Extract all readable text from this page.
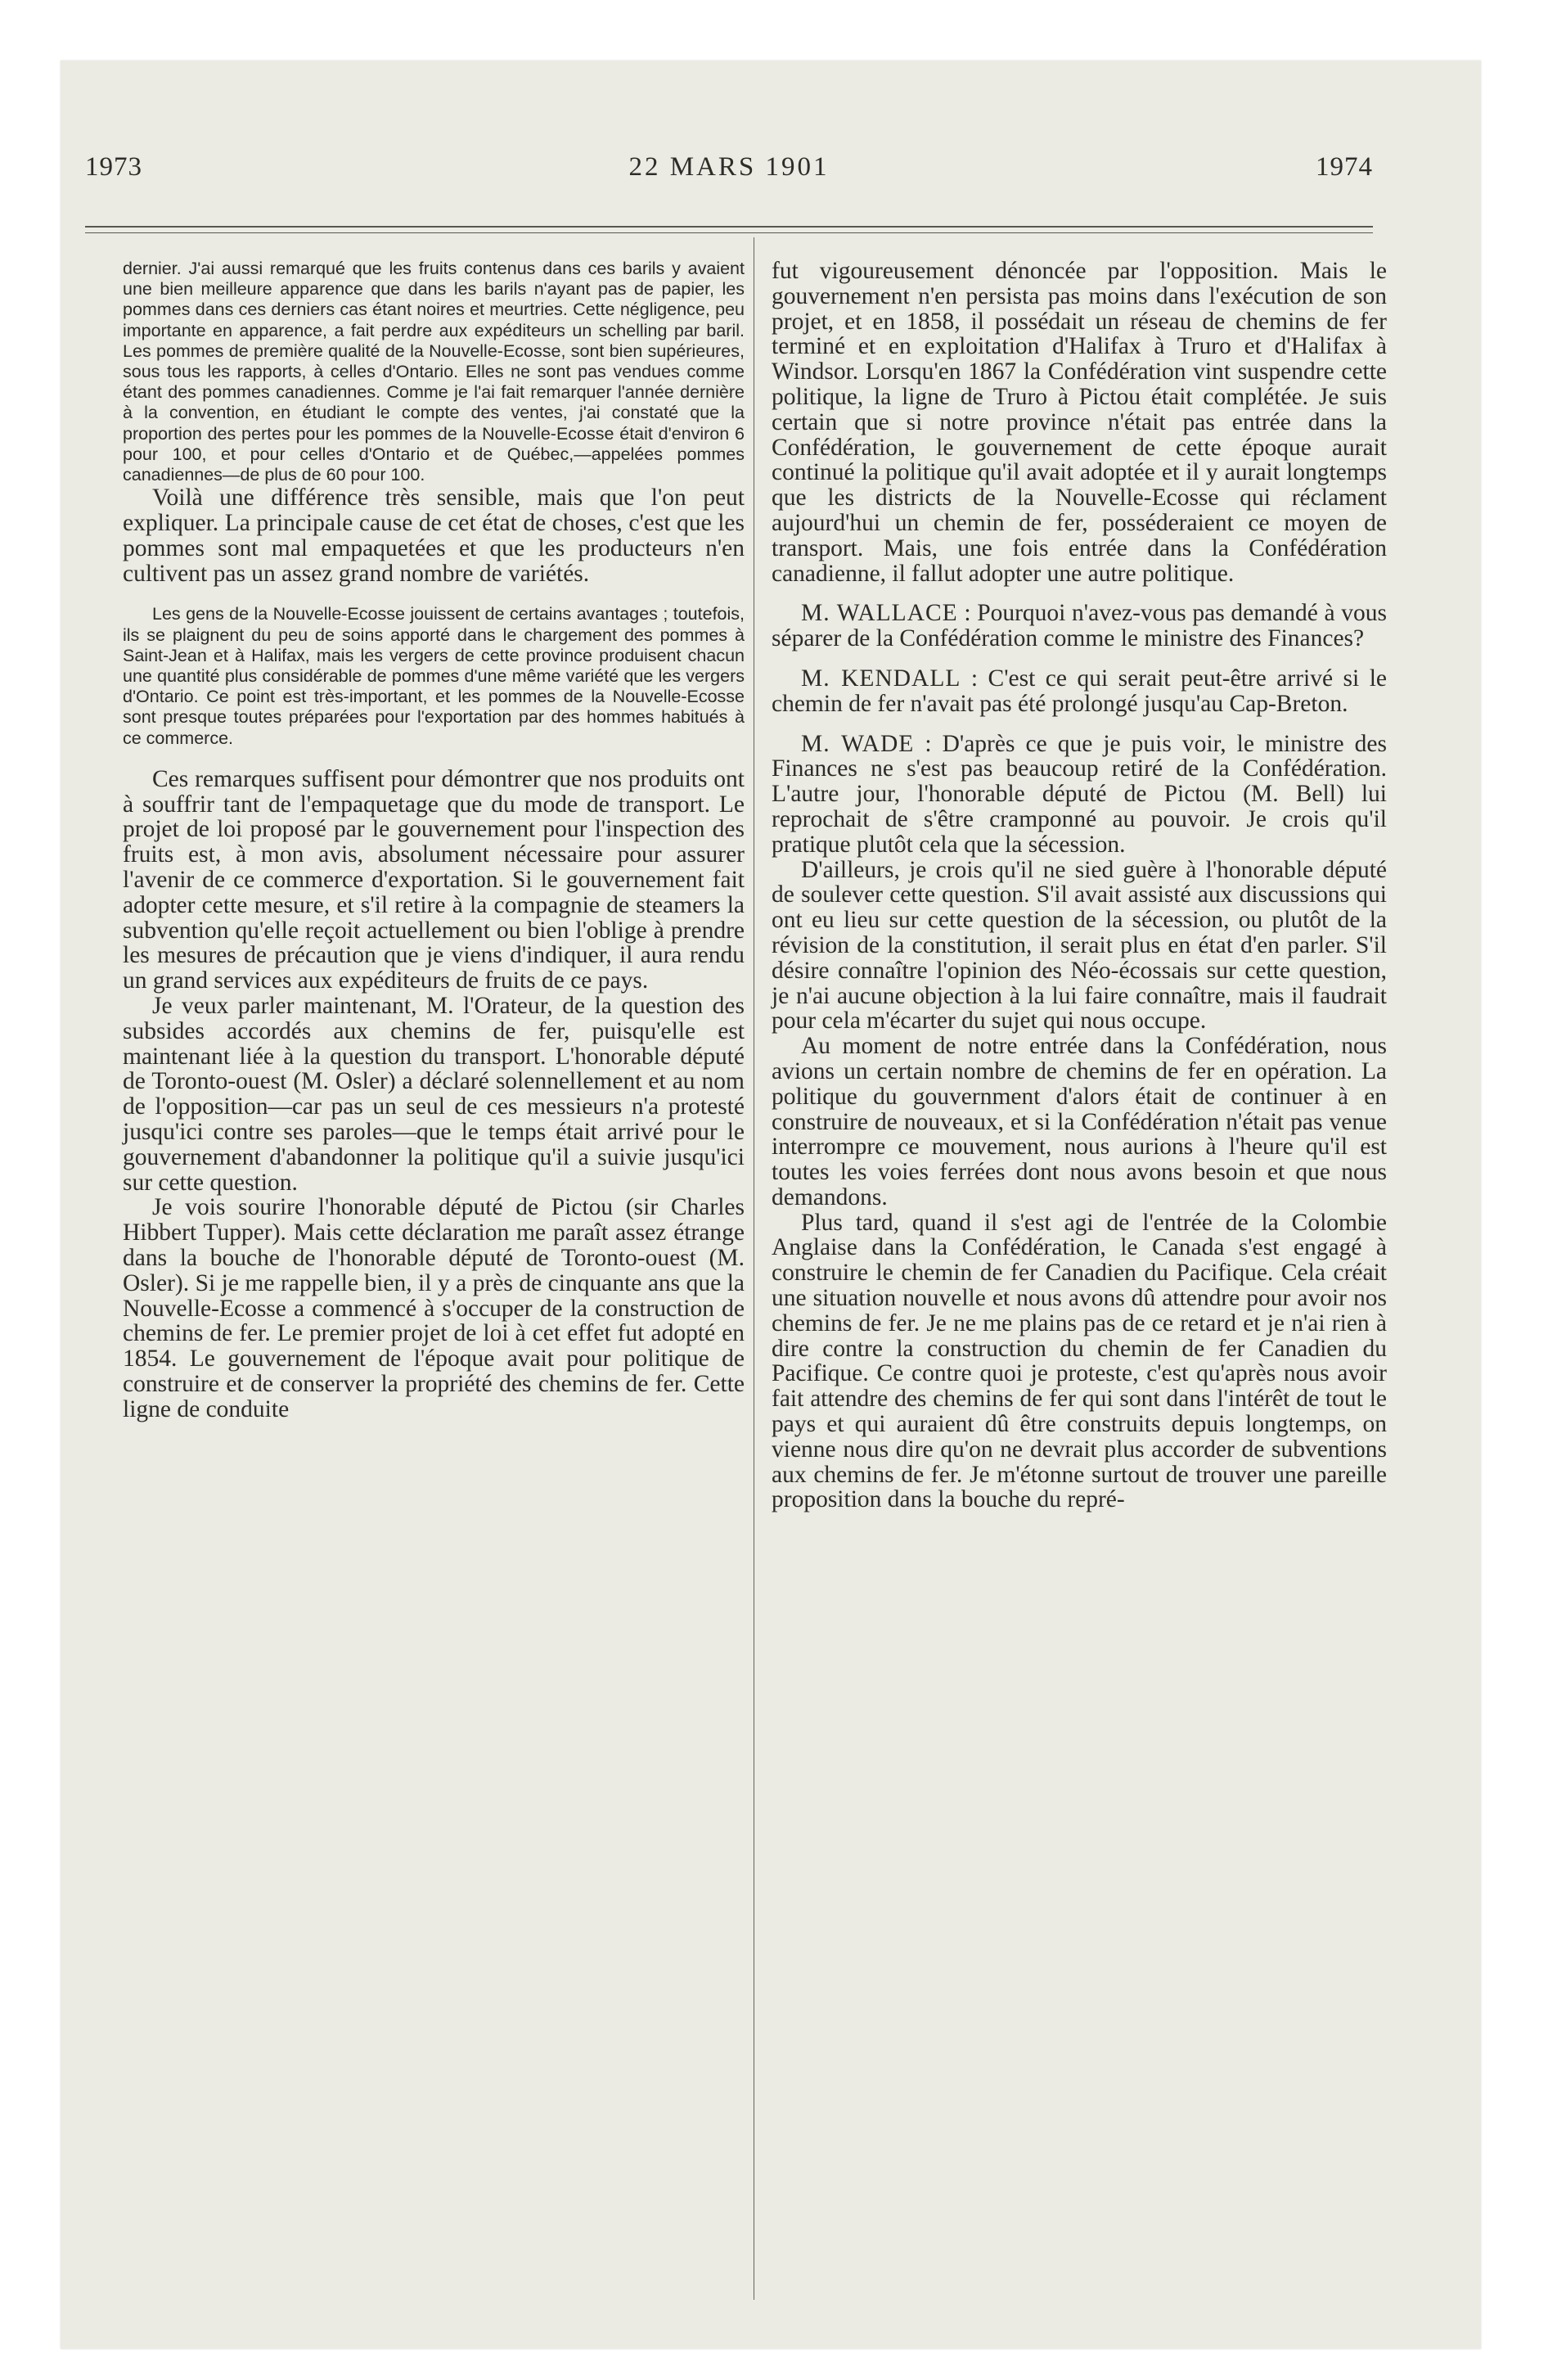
1973	22 MARS 1901	1974

dernier. J'ai aussi remarqué que les fruits contenus dans ces barils y avaient une bien meilleure apparence que dans les barils n'ayant pas de papier, les pommes dans ces derniers cas étant noires et meurtries. Cette négligence, peu importante en apparence, a fait perdre aux expéditeurs un schelling par baril. Les pommes de première qualité de la Nouvelle-Ecosse, sont bien supérieures, sous tous les rapports, à celles d'Ontario. Elles ne sont pas vendues comme étant des pommes canadiennes. Comme je l'ai fait remarquer l'année dernière à la convention, en étudiant le compte des ventes, j'ai constaté que la proportion des pertes pour les pommes de la Nouvelle-Ecosse était d'environ 6 pour 100, et pour celles d'Ontario et de Québec,—appelées pommes canadiennes—de plus de 60 pour 100.

Voilà une différence très sensible, mais que l'on peut expliquer. La principale cause de cet état de choses, c'est que les pommes sont mal empaquetées et que les producteurs n'en cultivent pas un assez grand nombre de variétés.

Les gens de la Nouvelle-Ecosse jouissent de certains avantages ; toutefois, ils se plaignent du peu de soins apporté dans le chargement des pommes à Saint-Jean et à Halifax, mais les vergers de cette province produisent chacun une quantité plus considérable de pommes d'une même variété que les vergers d'Ontario. Ce point est très-important, et les pommes de la Nouvelle-Ecosse sont presque toutes préparées pour l'exportation par des hommes habitués à ce commerce.

Ces remarques suffisent pour démontrer que nos produits ont à souffrir tant de l'empaquetage que du mode de transport. Le projet de loi proposé par le gouvernement pour l'inspection des fruits est, à mon avis, absolument nécessaire pour assurer l'avenir de ce commerce d'exportation. Si le gouvernement fait adopter cette mesure, et s'il retire à la compagnie de steamers la subvention qu'elle reçoit actuellement ou bien l'oblige à prendre les mesures de précaution que je viens d'indiquer, il aura rendu un grand services aux expéditeurs de fruits de ce pays.

Je veux parler maintenant, M. l'Orateur, de la question des subsides accordés aux chemins de fer, puisqu'elle est maintenant liée à la question du transport. L'honorable député de Toronto-ouest (M. Osler) a déclaré solennellement et au nom de l'opposition—car pas un seul de ces messieurs n'a protesté jusqu'ici contre ses paroles—que le temps était arrivé pour le gouvernement d'abandonner la politique qu'il a suivie jusqu'ici sur cette question.

Je vois sourire l'honorable député de Pictou (sir Charles Hibbert Tupper). Mais cette déclaration me paraît assez étrange dans la bouche de l'honorable député de Toronto-ouest (M. Osler). Si je me rappelle bien, il y a près de cinquante ans que la Nouvelle-Ecosse a commencé à s'occuper de la construction de chemins de fer. Le premier projet de loi à cet effet fut adopté en 1854. Le gouvernement de l'époque avait pour politique de construire et de conserver la propriété des chemins de fer. Cette ligne de conduite

fut vigoureusement dénoncée par l'opposition. Mais le gouvernement n'en persista pas moins dans l'exécution de son projet, et en 1858, il possédait un réseau de chemins de fer terminé et en exploitation d'Halifax à Truro et d'Halifax à Windsor. Lorsqu'en 1867 la Confédération vint suspendre cette politique, la ligne de Truro à Pictou était complétée. Je suis certain que si notre province n'était pas entrée dans la Confédération, le gouvernement de cette époque aurait continué la politique qu'il avait adoptée et il y aurait longtemps que les districts de la Nouvelle-Ecosse qui réclament aujourd'hui un chemin de fer, posséderaient ce moyen de transport. Mais, une fois entrée dans la Confédération canadienne, il fallut adopter une autre politique.

M. WALLACE : Pourquoi n'avez-vous pas demandé à vous séparer de la Confédération comme le ministre des Finances?

M. KENDALL : C'est ce qui serait peut-être arrivé si le chemin de fer n'avait pas été prolongé jusqu'au Cap-Breton.

M. WADE : D'après ce que je puis voir, le ministre des Finances ne s'est pas beaucoup retiré de la Confédération. L'autre jour, l'honorable député de Pictou (M. Bell) lui reprochait de s'être cramponné au pouvoir. Je crois qu'il pratique plutôt cela que la sécession.

D'ailleurs, je crois qu'il ne sied guère à l'honorable député de soulever cette question. S'il avait assisté aux discussions qui ont eu lieu sur cette question de la sécession, ou plutôt de la révision de la constitution, il serait plus en état d'en parler. S'il désire connaître l'opinion des Néo-écossais sur cette question, je n'ai aucune objection à la lui faire connaître, mais il faudrait pour cela m'écarter du sujet qui nous occupe.

Au moment de notre entrée dans la Confédération, nous avions un certain nombre de chemins de fer en opération. La politique du gouvernment d'alors était de continuer à en construire de nouveaux, et si la Confédération n'était pas venue interrompre ce mouvement, nous aurions à l'heure qu'il est toutes les voies ferrées dont nous avons besoin et que nous demandons.

Plus tard, quand il s'est agi de l'entrée de la Colombie Anglaise dans la Confédération, le Canada s'est engagé à construire le chemin de fer Canadien du Pacifique. Cela créait une situation nouvelle et nous avons dû attendre pour avoir nos chemins de fer. Je ne me plains pas de ce retard et je n'ai rien à dire contre la construction du chemin de fer Canadien du Pacifique. Ce contre quoi je proteste, c'est qu'après nous avoir fait attendre des chemins de fer qui sont dans l'intérêt de tout le pays et qui auraient dû être construits depuis longtemps, on vienne nous dire qu'on ne devrait plus accorder de subventions aux chemins de fer. Je m'étonne surtout de trouver une pareille proposition dans la bouche du repré-
